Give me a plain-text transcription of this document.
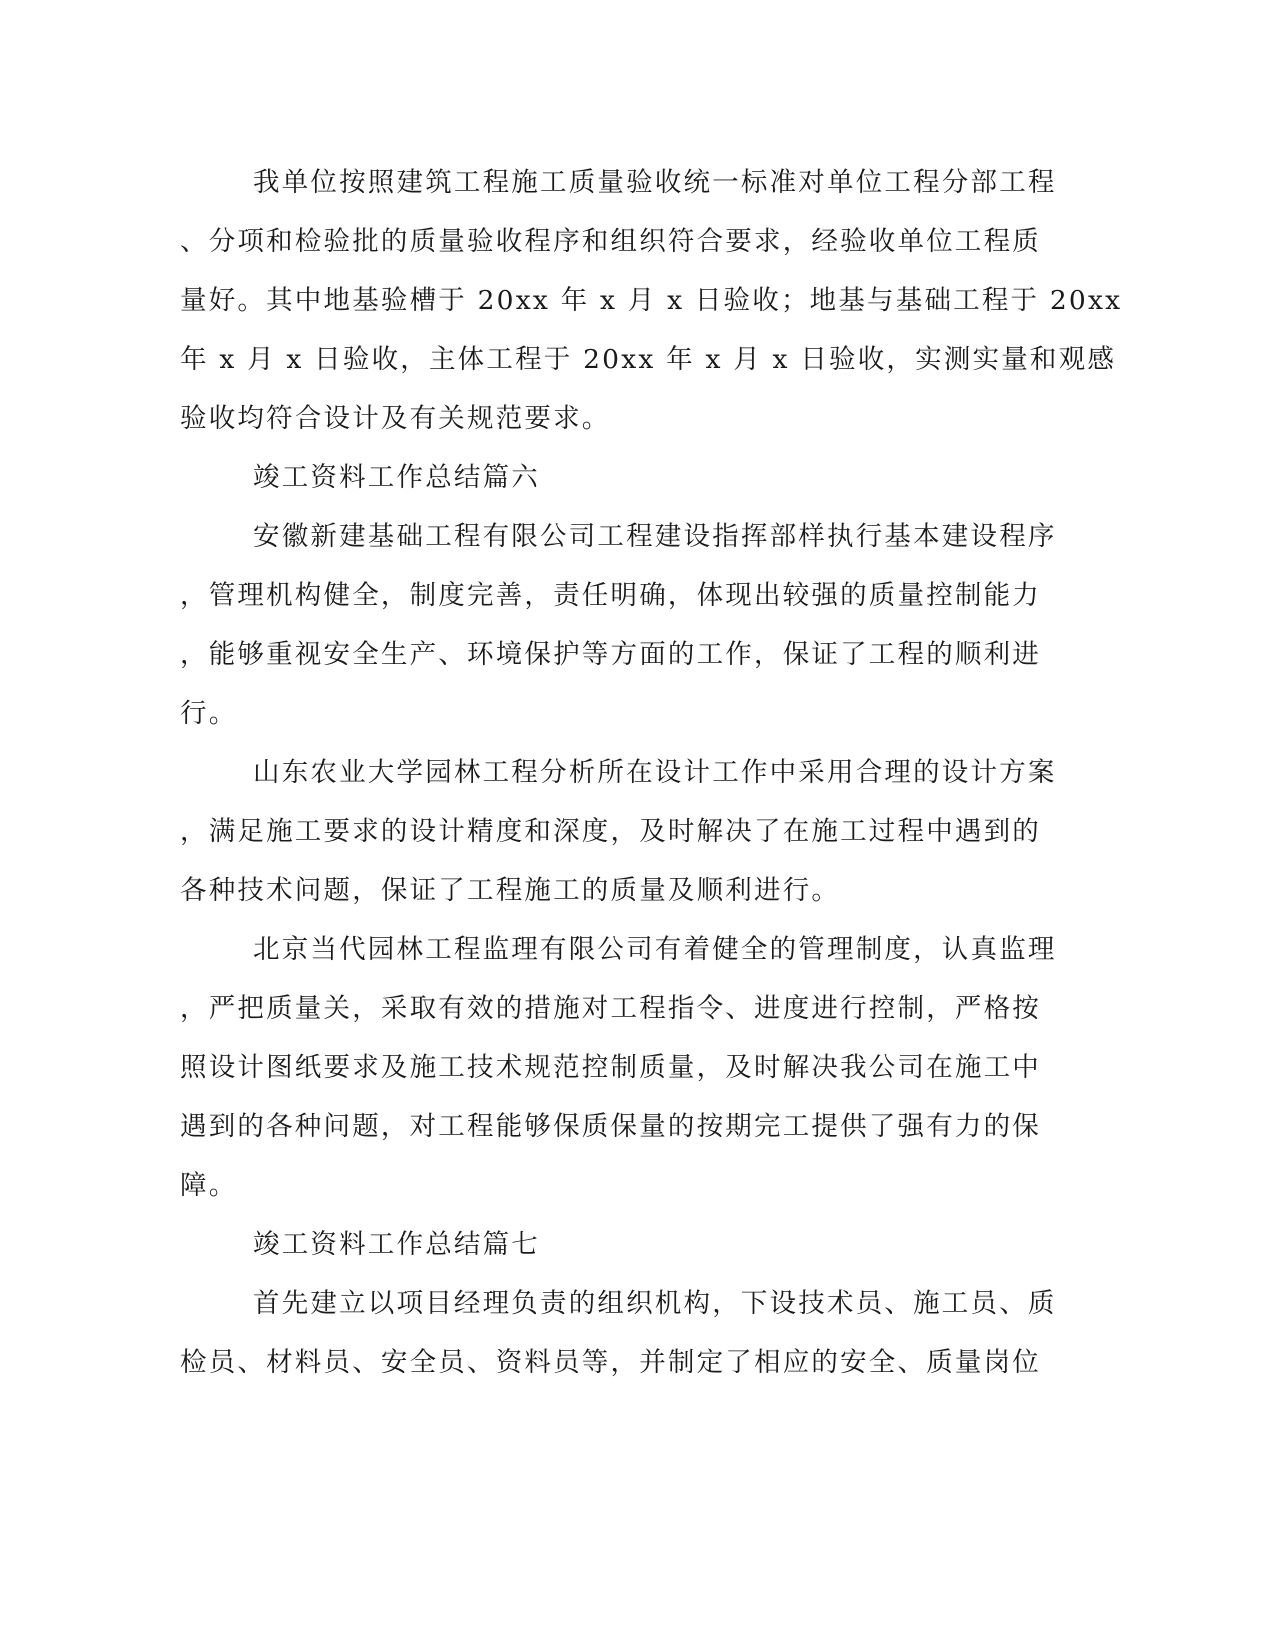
我单位按照建筑工程施工质量验收统一标准对单位工程分部工程
、分项和检验批的质量验收程序和组织符合要求，经验收单位工程质
量好。其中地基验槽于 20xx 年 x 月 x 日验收；地基与基础工程于 20xx
年 x 月 x 日验收，主体工程于 20xx 年 x 月 x 日验收，实测实量和观感
验收均符合设计及有关规范要求。
竣工资料工作总结篇六
安徽新建基础工程有限公司工程建设指挥部样执行基本建设程序
，管理机构健全，制度完善，责任明确，体现出较强的质量控制能力
，能够重视安全生产、环境保护等方面的工作，保证了工程的顺利进
行。
山东农业大学园林工程分析所在设计工作中采用合理的设计方案
，满足施工要求的设计精度和深度，及时解决了在施工过程中遇到的
各种技术问题，保证了工程施工的质量及顺利进行。
北京当代园林工程监理有限公司有着健全的管理制度，认真监理
，严把质量关，采取有效的措施对工程指令、进度进行控制，严格按
照设计图纸要求及施工技术规范控制质量，及时解决我公司在施工中
遇到的各种问题，对工程能够保质保量的按期完工提供了强有力的保
障。
竣工资料工作总结篇七
首先建立以项目经理负责的组织机构，下设技术员、施工员、质
检员、材料员、安全员、资料员等，并制定了相应的安全、质量岗位
